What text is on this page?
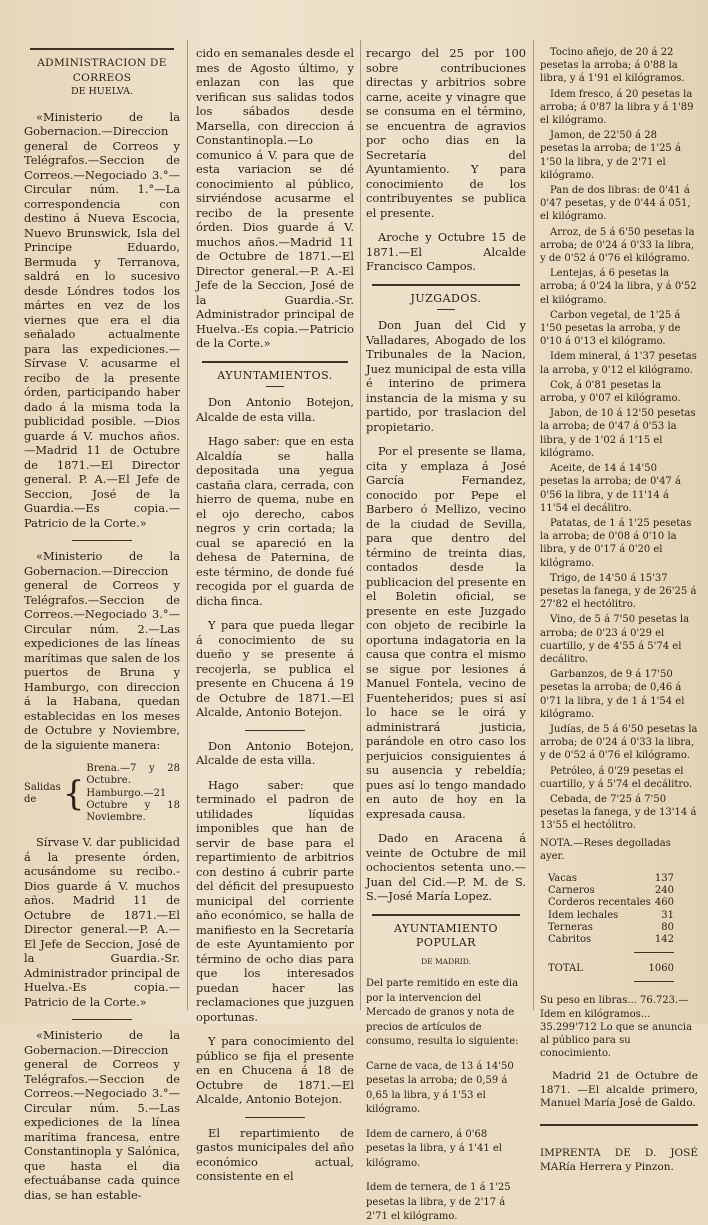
ADMINISTRACION DE CORREOS
DE HUELVA.

«Ministerio de la Gobernacion.—Direccion general de Correos y Telégrafos.—Seccion de Correos.—Negociado 3.°—Circular núm. 1.°—La correspondencia con destino á Nueva Escocia, Nuevo Brunswick, Isla del Principe Eduardo, Bermuda y Terranova, saldrá en lo sucesivo desde Lóndres todos los mártes en vez de los viernes que era el dia señalado actualmente para las expediciones.—Sírvase V. acusarme el recibo de la presente órden, participando haber dado á la misma toda la publicidad posible. —Dios guarde á V. muchos años.—Madrid 11 de Octubre de 1871.—El Director general. P. A.—El Jefe de Seccion, José de la Guardia.—Es copia.—Patricio de la Corte.»

«Ministerio de la Gobernacion.—Direccion general de Correos y Telégrafos.—Seccion de Correos.—Negociado 3.°—Circular núm. 2.—Las expediciones de las líneas marítimas que salen de los puertos de Bruna y Hamburgo, con direccion á la Habana, quedan establecidas en los meses de Octubre y Noviembre, de la siguiente manera:

Salidas de {
Brena.—7 y 28 Octubre.
Hamburgo.—21 Octubre y 18 Noviembre.

Sírvase V. dar publicidad á la presente órden, acusándome su recibo.-Dios guarde á V. muchos años. Madrid 11 de Octubre de 1871.—El Director general.—P. A.—El Jefe de Seccion, José de la Guardia.-Sr. Administrador principal de Huelva.-Es copia.—Patricio de la Corte.»

«Ministerio de la Gobernacion.—Direccion general de Correos y Telégrafos.—Seccion de Correos.—Negociado 3.°—Circular núm. 5.—Las expediciones de la línea marítima francesa, entre Constantinopla y Salónica, que hasta el dia efectuábanse cada quince dias, se han estable-

cido en semanales desde el mes de Agosto último, y enlazan con las que verifican sus salidas todos los sábados desde Marsella, con direccion á Constantinopla.—Lo comunico á V. para que de esta variacion se dé conocimiento al público, sirviéndose acusarme el recibo de la presente órden. Dios guarde á V. muchos años.—Madrid 11 de Octubre de 1871.—El Director general.—P. A.-El Jefe de la Seccion, José de la Guardia.-Sr. Administrador principal de Huelva.-Es copia.—Patricio de la Corte.»

AYUNTAMIENTOS.

Don Antonio Botejon, Alcalde de esta villa.

Hago saber: que en esta Alcaldía se halla depositada una yegua castaña clara, cerrada, con hierro de quema, nube en el ojo derecho, cabos negros y crin cortada; la cual se apareció en la dehesa de Paternina, de este término, de donde fué recogida por el guarda de dicha finca.

Y para que pueda llegar á conocimiento de su dueño y se presente á recojerla, se publica el presente en Chucena á 19 de Octubre de 1871.—El Alcalde, Antonio Botejon.

Don Antonio Botejon, Alcalde de esta villa.

Hago saber: que terminado el padron de utilidades líquidas imponibles que han de servir de base para el repartimiento de arbitrios con destino á cubrir parte del déficit del presupuesto municipal del corriente año económico, se halla de manifiesto en la Secretaría de este Ayuntamiento por término de ocho dias para que los interesados puedan hacer las reclamaciones que juzguen oportunas.

Y para conocimiento del público se fija el presente en en Chucena á 18 de Octubre de 1871.—El Alcalde, Antonio Botejon.

El repartimiento de gastos municipales del año económico actual, consistente en el

recargo del 25 por 100 sobre contribuciones directas y arbitrios sobre carne, aceite y vinagre que se consuma en el término, se encuentra de agravios por ocho dias en la Secretaría del Ayuntamiento. Y para conocimiento de los contribuyentes se publica el presente.

Aroche y Octubre 15 de 1871.—El Alcalde Francisco Campos.

JUZGADOS.

Don Juan del Cid y Valladares, Abogado de los Tribunales de la Nacion, Juez municipal de esta villa é interino de primera instancia de la misma y su partido, por traslacion del propietario.

Por el presente se llama, cita y emplaza á José García Fernandez, conocido por Pepe el Barbero ó Mellizo, vecino de la ciudad de Sevilla, para que dentro del término de treinta dias, contados desde la publicacion del presente en el Boletin oficial, se presente en este Juzgado con objeto de recibirle la oportuna indagatoria en la causa que contra el mismo se sigue por lesiones á Manuel Fontela, vecino de Fuenteheridos; pues si así lo hace se le oirá y administrará justicia, parándole en otro caso los perjuicios consiguientes á su ausencia y rebeldía; pues así lo tengo mandado en auto de hoy en la expresada causa.

Dado en Aracena á veinte de Octubre de mil ochocientos setenta uno.—Juan del Cid.—P. M. de S. S.—José María Lopez.

AYUNTAMIENTO POPULAR
DE MADRID.

Del parte remitido en este dia por la intervencion del Mercado de granos y nota de precios de artículos de consumo, resulta lo siguiente:

Carne de vaca, de 13 á 14'50 pesetas la arroba; de 0,59 á 0,65 la libra, y á 1'53 el kilógramo.

Idem de carnero, á 0'68 pesetas la libra, y á 1'41 el kilógramo.

Idem de ternera, de 1 á 1'25 pesetas la libra, y de 2'17 á 2'71 el kilógramo.

Tocino añejo, de 20 á 22 pesetas la arroba; á 0'88 la libra, y á 1'91 el kilógramos.

Idem fresco, á 20 pesetas la arroba; á 0'87 la libra y á 1'89 el kilógramo.

Jamon, de 22'50 á 28 pesetas la arroba; de 1'25 á 1'50 la libra, y de 2'71 el kilógramo.

Pan de dos libras: de 0'41 á 0'47 pesetas, y de 0'44 á 051, el kilógramo.

Arroz, de 5 á 6'50 pesetas la arroba; de 0'24 á 0'33 la libra, y de 0'52 á 0'76 el kilógramo.

Lentejas, á 6 pesetas la arroba; á 0'24 la libra, y á 0'52 el kilógramo.

Carbon vegetal, de 1'25 á 1'50 pesetas la arroba, y de 0'10 á 0'13 el kilógramo.

Idem mineral, á 1'37 pesetas la arroba, y 0'12 el kilógramo.

Cok, á 0'81 pesetas la arroba, y 0'07 el kilógramo.

Jabon, de 10 á 12'50 pesetas la arroba; de 0'47 á 0'53 la libra, y de 1'02 á 1'15 el kilógramo.

Aceite, de 14 á 14'50 pesetas la arroba; de 0'47 á 0'56 la libra, y de 11'14 á 11'54 el decálitro.

Patatas, de 1 á 1'25 pesetas la arroba; de 0'08 á 0'10 la libra, y de 0'17 á 0'20 el kilógramo.

Trigo, de 14'50 á 15'37 pesetas la fanega, y de 26'25 á 27'82 el hectólitro.

Vino, de 5 á 7'50 pesetas la arroba; de 0'23 á 0'29 el cuartillo, y de 4'55 á 5'74 el decálitro.

Garbanzos, de 9 á 17'50 pesetas la arroba; de 0,46 á 0'71 la libra, y de 1 á 1'54 el kilógramo.

Judías, de 5 á 6'50 pesetas la arroba; de 0'24 á 0'33 la libra, y de 0'52 á 0'76 el kilógramo.

Petróleo, á 0'29 pesetas el cuartillo, y á 5'74 el decálitro.

Cebada, de 7'25 á 7'50 pesetas la fanega, y de 13'14 á 13'55 el hectólitro.

NOTA.—Reses degolladas ayer.

Vacas	137
Carneros	240
Corderos recentales 460
Idem lechales	31
Terneras	80
Cabritos	142
TOTAL	1060

Su peso en libras... 76.723.—Idem en kilógramos... 35.299'712 Lo que se anuncia al público para su conocimiento.

Madrid 21 de Octubre de 1871. —El alcalde primero, Manuel María José de Galdo.

IMPRENTA DE D. JOSÉ MARía Herrera y Pinzon.
